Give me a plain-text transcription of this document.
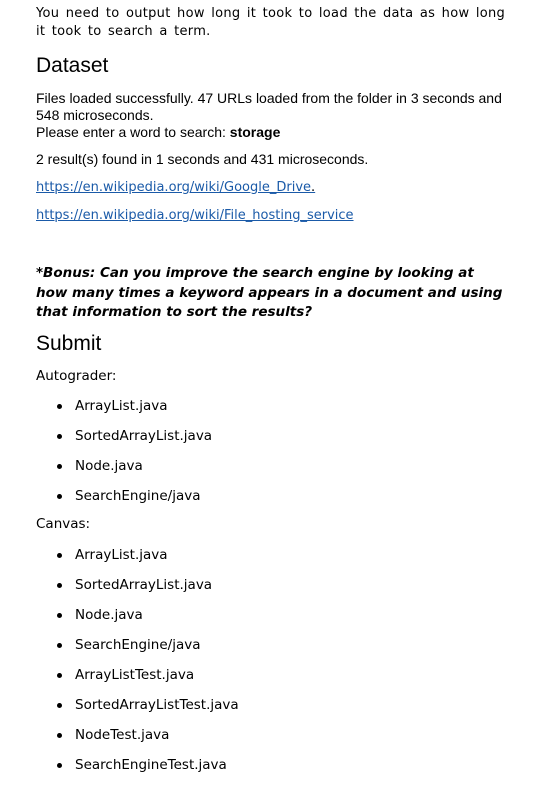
You need to output how long it took to load the data as how long it took to search a term.

Dataset

Files loaded successfully. 47 URLs loaded from the folder in 3 seconds and 548 microseconds.

Please enter a word to search: storage

2 result(s) found in 1 seconds and 431 microseconds.

https://en.wikipedia.org/wiki/Google_Drive.
https://en.wikipedia.org/wiki/File_hosting_service

*Bonus: Can you improve the search engine by looking at how many times a keyword appears in a document and using that information to sort the results?

Submit

Autograder:

ArrayList.java
SortedArrayList.java
Node.java
SearchEngine/java

Canvas:

ArrayList.java
SortedArrayList.java
Node.java
SearchEngine/java
ArrayListTest.java
SortedArrayListTest.java
NodeTest.java
SearchEngineTest.java
